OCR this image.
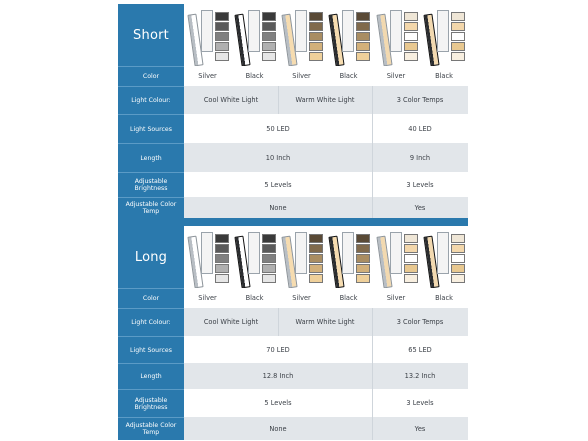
Short
Color	Silver	Black	Silver	Black	Silver	Black
Light Colour:	Cool White Light	Warm White Light	3 Color Temps
Light Sources	50 LED	40 LED
Length	10 Inch	9 Inch
Adjustable Brightness	5 Levels	3 Levels
Adjustable Color Temp	None	Yes
Long
Color	Silver	Black	Silver	Black	Silver	Black
Light Colour:	Cool White Light	Warm White Light	3 Color Temps
Light Sources	70 LED	65 LED
Length	12.8 Inch	13.2 Inch
Adjustable Brightness	5 Levels	3 Levels
Adjustable Color Temp	None	Yes
